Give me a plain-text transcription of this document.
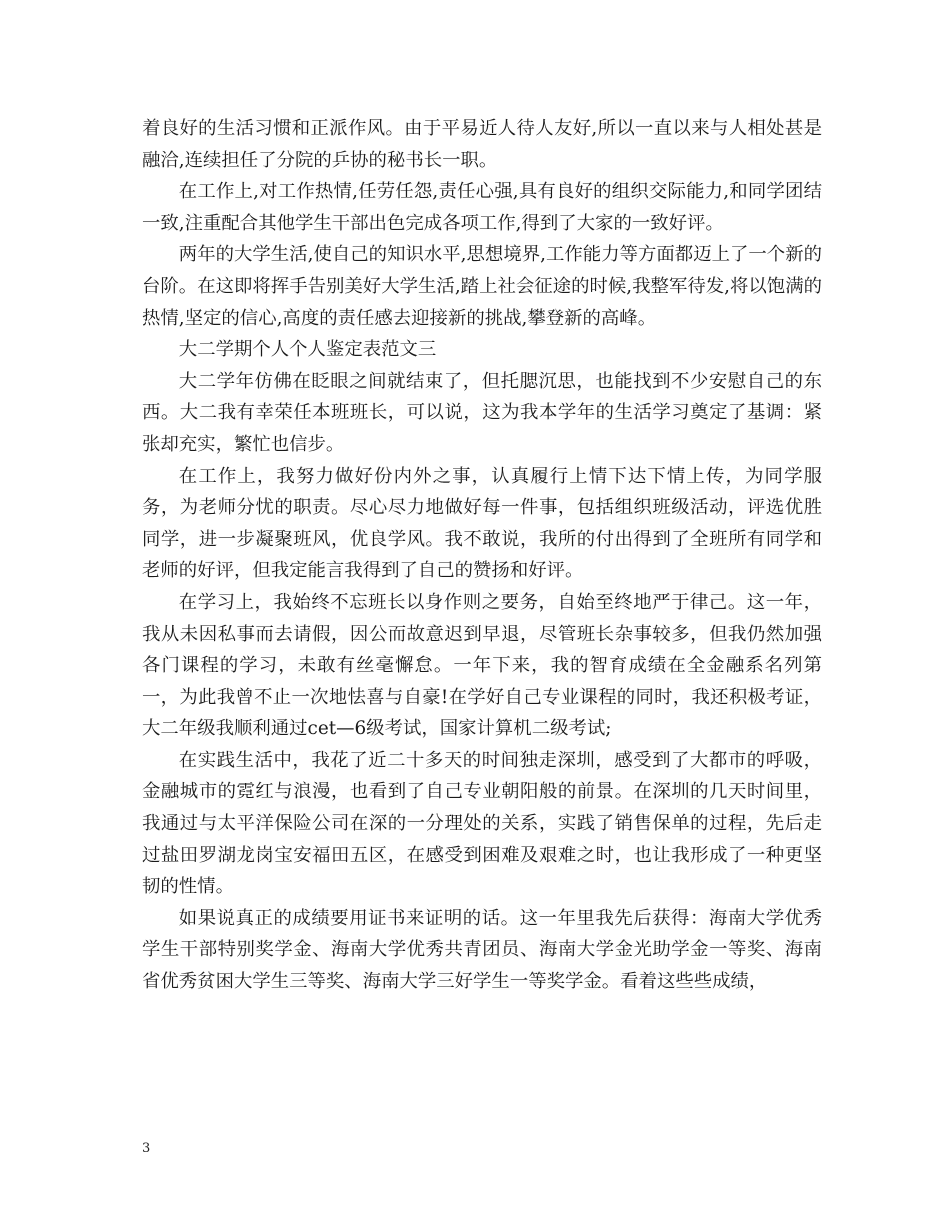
着良好的生活习惯和正派作风。由于平易近人待人友好,所以一直以来与人相处甚是融洽,连续担任了分院的乒协的秘书长一职。

在工作上,对工作热情,任劳任怨,责任心强,具有良好的组织交际能力,和同学团结一致,注重配合其他学生干部出色完成各项工作,得到了大家的一致好评。

两年的大学生活,使自己的知识水平,思想境界,工作能力等方面都迈上了一个新的台阶。在这即将挥手告别美好大学生活,踏上社会征途的时候,我整军待发,将以饱满的热情,坚定的信心,高度的责任感去迎接新的挑战,攀登新的高峰。

大二学期个人个人鉴定表范文三

大二学年仿佛在眨眼之间就结束了，但托腮沉思，也能找到不少安慰自己的东西。大二我有幸荣任本班班长，可以说，这为我本学年的生活学习奠定了基调：紧张却充实，繁忙也信步。

在工作上，我努力做好份内外之事，认真履行上情下达下情上传，为同学服务，为老师分忧的职责。尽心尽力地做好每一件事，包括组织班级活动，评选优胜同学，进一步凝聚班风，优良学风。我不敢说，我所的付出得到了全班所有同学和老师的好评，但我定能言我得到了自己的赞扬和好评。

在学习上，我始终不忘班长以身作则之要务，自始至终地严于律己。这一年，我从未因私事而去请假，因公而故意迟到早退，尽管班长杂事较多，但我仍然加强各门课程的学习，未敢有丝毫懈怠。一年下来，我的智育成绩在全金融系名列第一，为此我曾不止一次地怯喜与自豪!在学好自己专业课程的同时，我还积极考证，大二年级我顺利通过cet—6级考试，国家计算机二级考试;

在实践生活中，我花了近二十多天的时间独走深圳，感受到了大都市的呼吸，金融城市的霓红与浪漫，也看到了自己专业朝阳般的前景。在深圳的几天时间里，我通过与太平洋保险公司在深的一分理处的关系，实践了销售保单的过程，先后走过盐田罗湖龙岗宝安福田五区，在感受到困难及艰难之时，也让我形成了一种更坚韧的性情。

如果说真正的成绩要用证书来证明的话。这一年里我先后获得：海南大学优秀学生干部特别奖学金、海南大学优秀共青团员、海南大学金光助学金一等奖、海南省优秀贫困大学生三等奖、海南大学三好学生一等奖学金。看着这些些成绩，

3
